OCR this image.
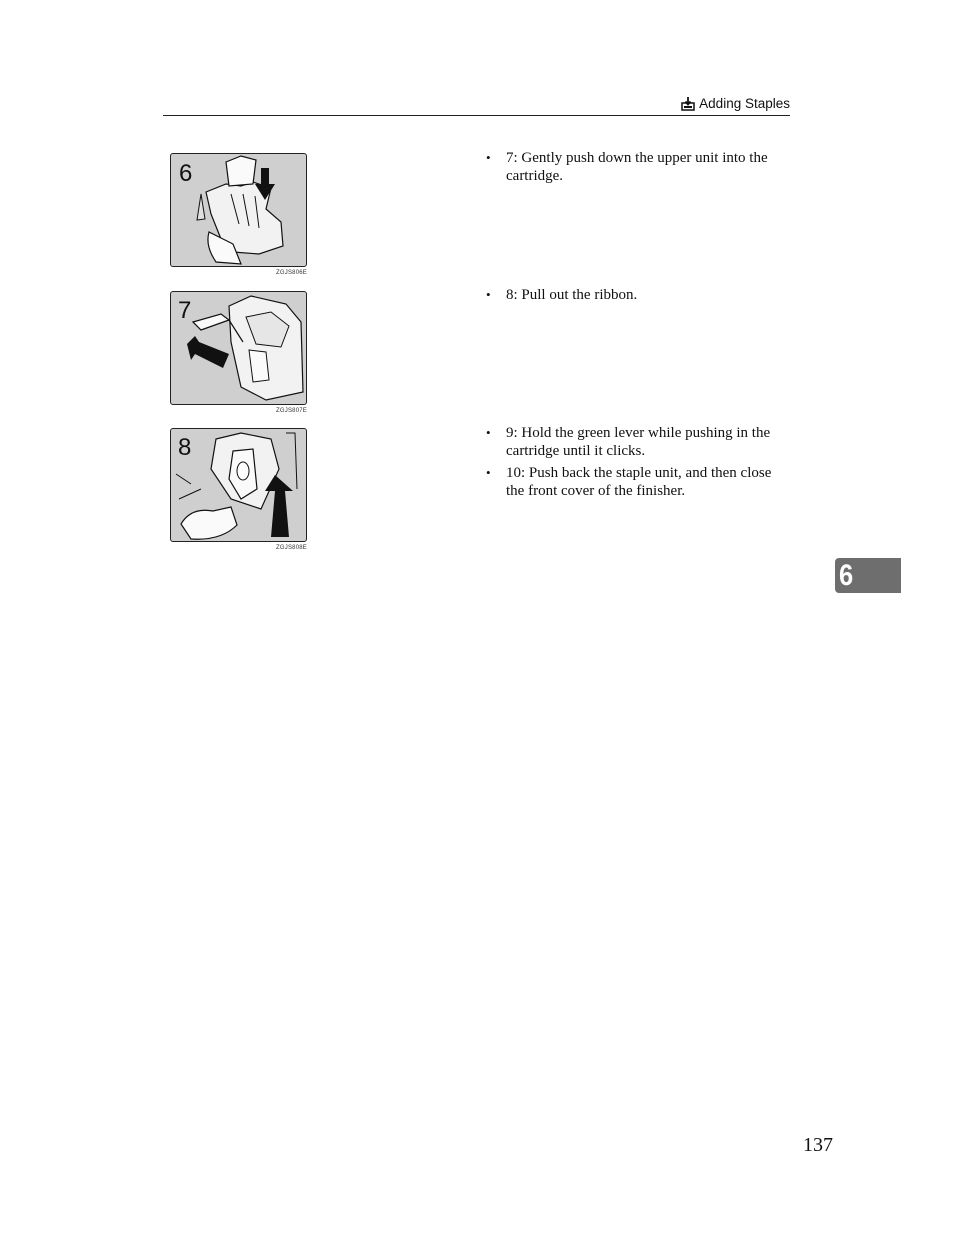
Adding Staples
6
ZGJS806E
7
ZGJS807E
8
ZGJS808E
• 7: Gently push down the upper unit into the cartridge.
• 8: Pull out the ribbon.
• 9: Hold the green lever while pushing in the cartridge until it clicks.
• 10: Push back the staple unit, and then close the front cover of the finisher.
6
137
